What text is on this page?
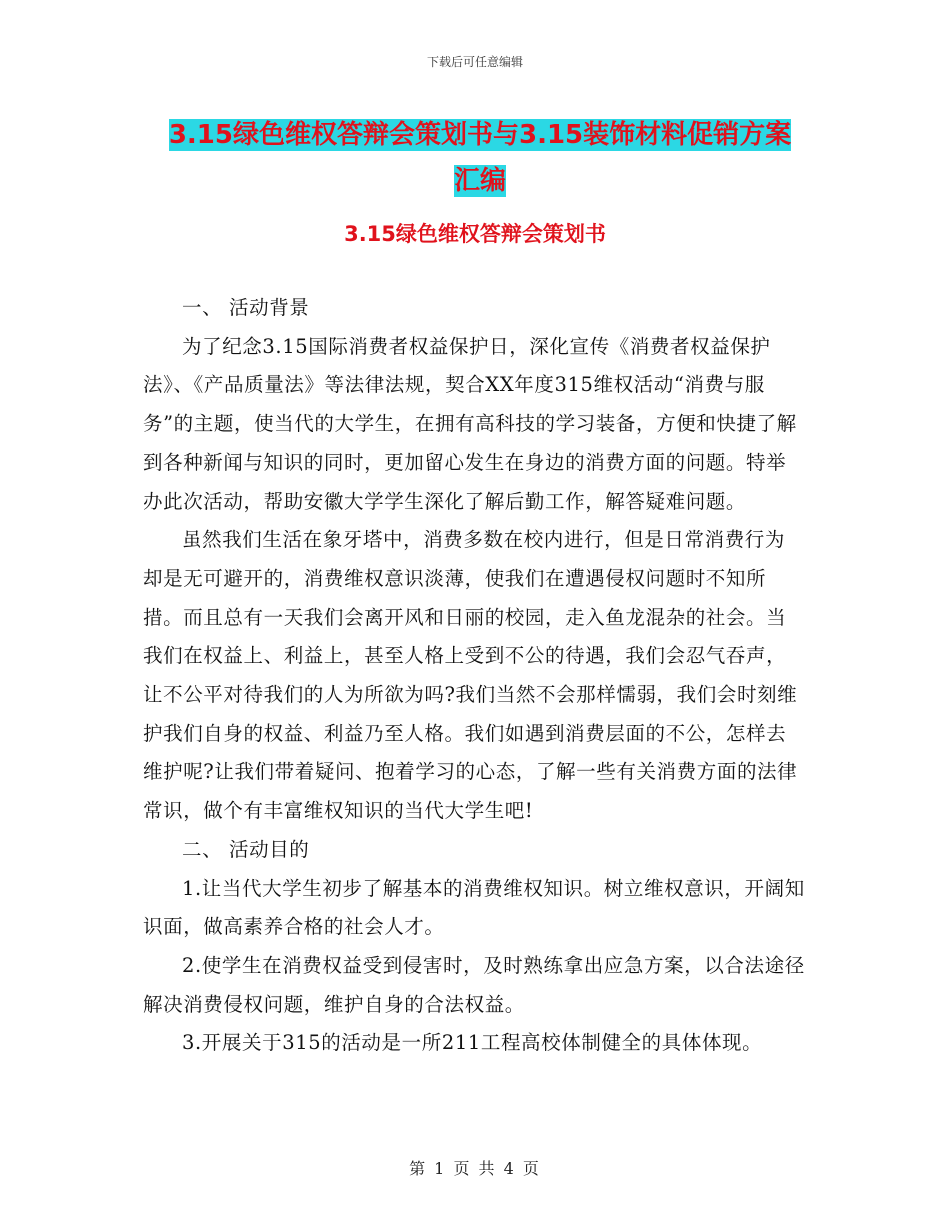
下载后可任意编辑
3.15绿色维权答辩会策划书与3.15装饰材料促销方案
汇编
3.15绿色维权答辩会策划书

一、 活动背景

为了纪念3.15国际消费者权益保护日，深化宣传《消费者权益保护法》、《产品质量法》等法律法规，契合XX年度315维权活动“消费与服务”的主题，使当代的大学生，在拥有高科技的学习装备，方便和快捷了解到各种新闻与知识的同时，更加留心发生在身边的消费方面的问题。特举办此次活动，帮助安徽大学学生深化了解后勤工作，解答疑难问题。

虽然我们生活在象牙塔中，消费多数在校内进行，但是日常消费行为却是无可避开的，消费维权意识淡薄，使我们在遭遇侵权问题时不知所措。而且总有一天我们会离开风和日丽的校园，走入鱼龙混杂的社会。当我们在权益上、利益上，甚至人格上受到不公的待遇，我们会忍气吞声，让不公平对待我们的人为所欲为吗?我们当然不会那样懦弱，我们会时刻维护我们自身的权益、利益乃至人格。我们如遇到消费层面的不公，怎样去维护呢?让我们带着疑问、抱着学习的心态，了解一些有关消费方面的法律常识，做个有丰富维权知识的当代大学生吧!

二、 活动目的

1.让当代大学生初步了解基本的消费维权知识。树立维权意识，开阔知识面，做高素养合格的社会人才。

2.使学生在消费权益受到侵害时，及时熟练拿出应急方案，以合法途径解决消费侵权问题，维护自身的合法权益。

3.开展关于315的活动是一所211工程高校体制健全的具体体现。

第 1 页 共 4 页
